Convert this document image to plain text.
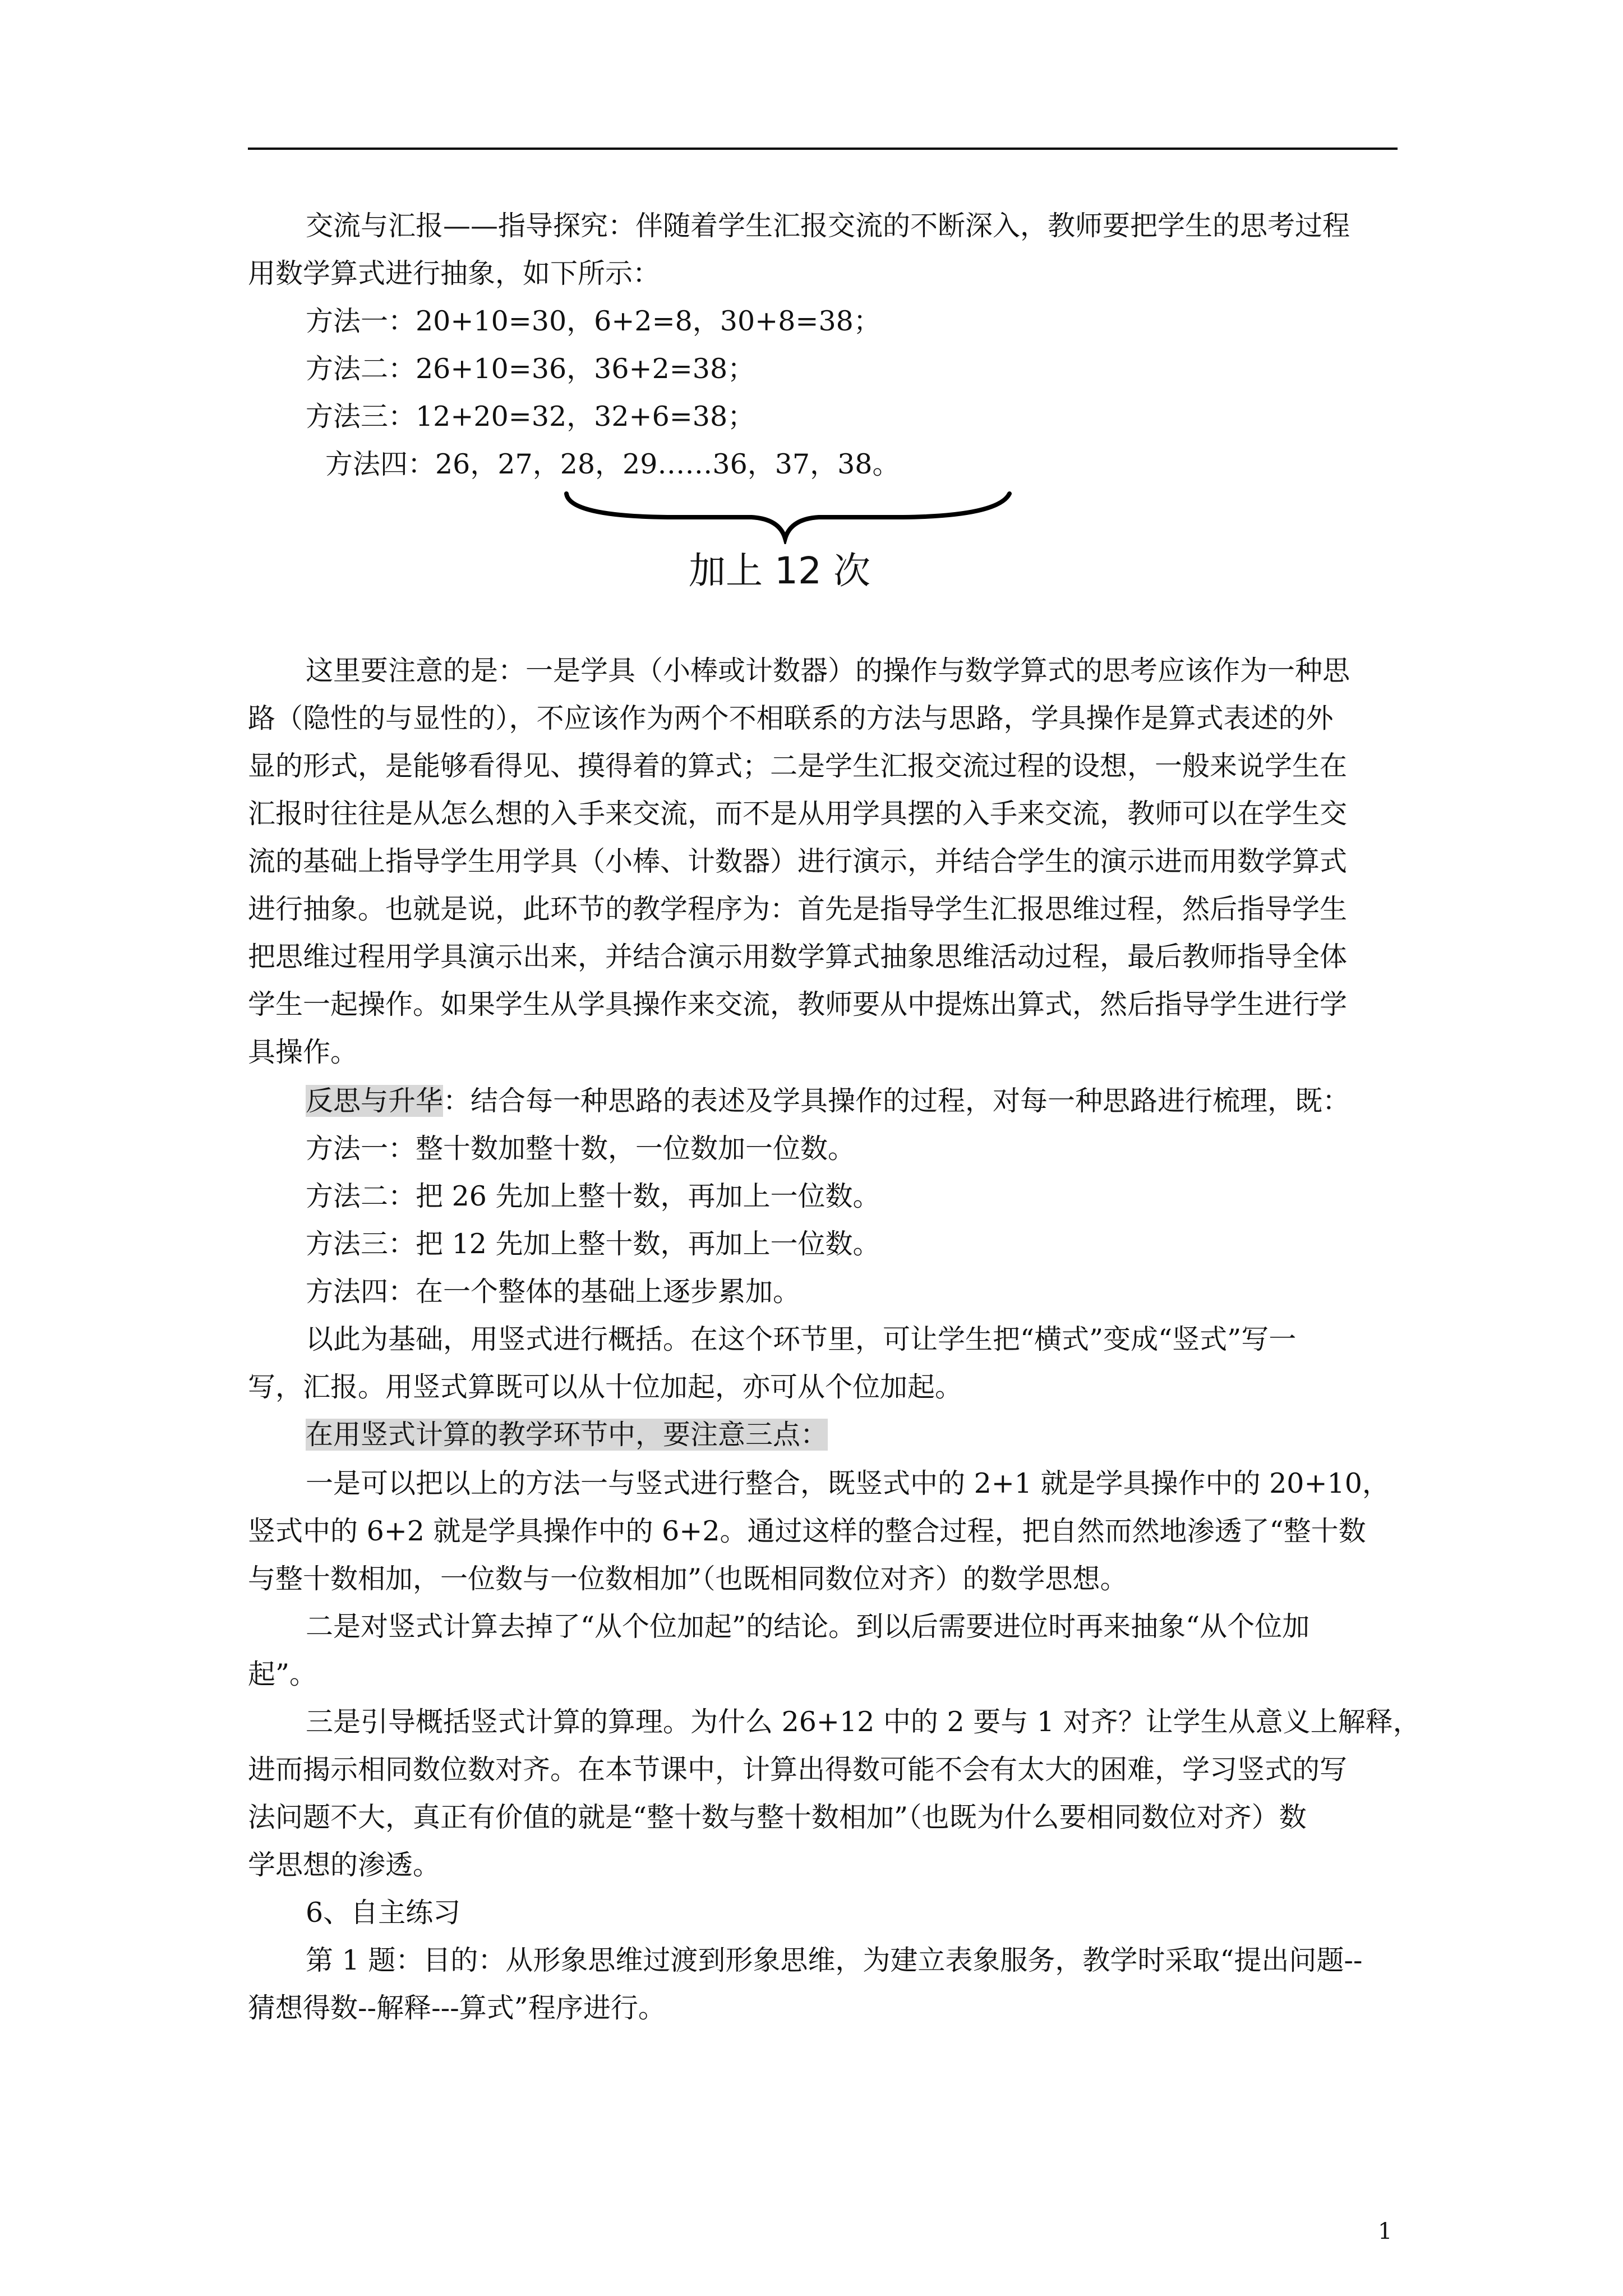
交流与汇报——指导探究：伴随着学生汇报交流的不断深入，教师要把学生的思考过程
用数学算式进行抽象，如下所示：
方法一：20+10=30，6+2=8，30+8=38；
方法二：26+10=36，36+2=38；
方法三：12+20=32，32+6=38；
方法四：26，27，28，29……36，37，38。
加上 12 次
这里要注意的是：一是学具（小棒或计数器）的操作与数学算式的思考应该作为一种思
路（隐性的与显性的），不应该作为两个不相联系的方法与思路，学具操作是算式表述的外
显的形式，是能够看得见、摸得着的算式；二是学生汇报交流过程的设想，一般来说学生在
汇报时往往是从怎么想的入手来交流，而不是从用学具摆的入手来交流，教师可以在学生交
流的基础上指导学生用学具（小棒、计数器）进行演示，并结合学生的演示进而用数学算式
进行抽象。也就是说，此环节的教学程序为：首先是指导学生汇报思维过程，然后指导学生
把思维过程用学具演示出来，并结合演示用数学算式抽象思维活动过程，最后教师指导全体
学生一起操作。如果学生从学具操作来交流，教师要从中提炼出算式，然后指导学生进行学
具操作。
反思与升华：结合每一种思路的表述及学具操作的过程，对每一种思路进行梳理，既：
方法一：整十数加整十数，一位数加一位数。
方法二：把 26 先加上整十数，再加上一位数。
方法三：把 12 先加上整十数，再加上一位数。
方法四：在一个整体的基础上逐步累加。
以此为基础，用竖式进行概括。在这个环节里，可让学生把“横式”变成“竖式”写一
写，汇报。用竖式算既可以从十位加起，亦可从个位加起。
在用竖式计算的教学环节中，要注意三点：
一是可以把以上的方法一与竖式进行整合，既竖式中的 2+1 就是学具操作中的 20+10，
竖式中的 6+2 就是学具操作中的 6+2。通过这样的整合过程，把自然而然地渗透了“整十数
与整十数相加，一位数与一位数相加”（也既相同数位对齐）的数学思想。
二是对竖式计算去掉了“从个位加起”的结论。到以后需要进位时再来抽象“从个位加
起”。
三是引导概括竖式计算的算理。为什么 26+12 中的 2 要与 1 对齐？让学生从意义上解释，
进而揭示相同数位数对齐。在本节课中，计算出得数可能不会有太大的困难，学习竖式的写
法问题不大，真正有价值的就是“整十数与整十数相加”（也既为什么要相同数位对齐）数
学思想的渗透。
6、自主练习
第 1 题：目的：从形象思维过渡到形象思维，为建立表象服务，教学时采取“提出问题--
猜想得数--解释---算式”程序进行。
1
